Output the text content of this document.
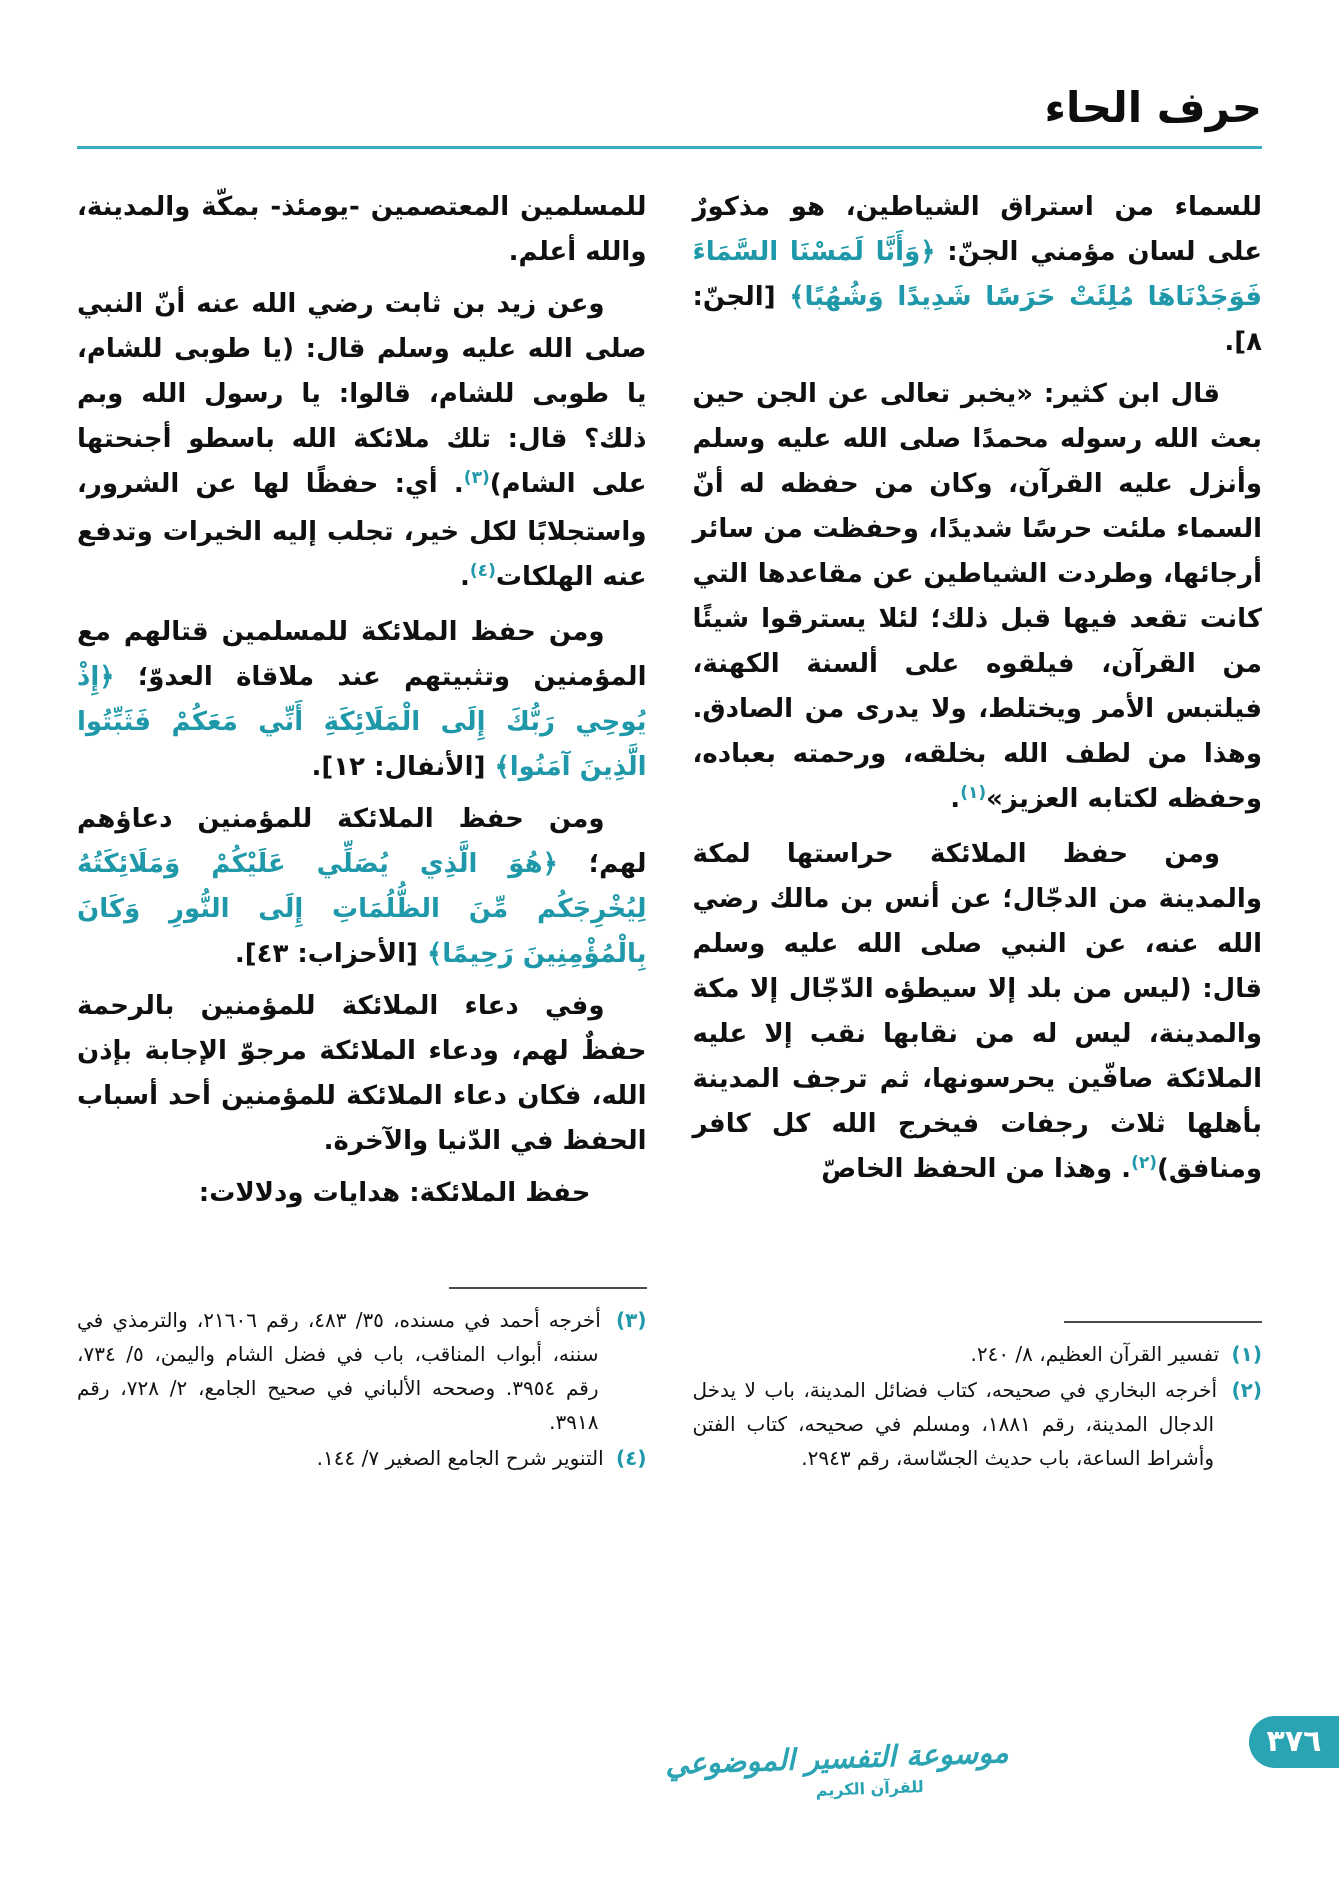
حرف الحاء
للسماء من استراق الشياطين، هو مذكورٌ على لسان مؤمني الجنّ: ﴿وَأَنَّا لَمَسْنَا السَّمَاءَ فَوَجَدْنَاهَا مُلِئَتْ حَرَسًا شَدِيدًا وَشُهُبًا﴾ [الجنّ: ٨].
قال ابن كثير: «يخبر تعالى عن الجن حين بعث الله رسوله محمدًا صلى الله عليه وسلم وأنزل عليه القرآن، وكان من حفظه له أنّ السماء ملئت حرسًا شديدًا، وحفظت من سائر أرجائها، وطردت الشياطين عن مقاعدها التي كانت تقعد فيها قبل ذلك؛ لئلا يسترقوا شيئًا من القرآن، فيلقوه على ألسنة الكهنة، فيلتبس الأمر ويختلط، ولا يدرى من الصادق. وهذا من لطف الله بخلقه، ورحمته بعباده، وحفظه لكتابه العزيز»$^{(١)}$.
ومن حفظ الملائكة حراستها لمكة والمدينة من الدجّال؛ عن أنس بن مالك رضي الله عنه، عن النبي صلى الله عليه وسلم قال: (ليس من بلد إلا سيطؤه الدّجّال إلا مكة والمدينة، ليس له من نقابها نقب إلا عليه الملائكة صافّين يحرسونها، ثم ترجف المدينة بأهلها ثلاث رجفات فيخرج الله كل كافر ومنافق)$^{(٢)}$. وهذا من الحفظ الخاصّ
(١) تفسير القرآن العظيم، ٨/ ٢٤٠.
(٢) أخرجه البخاري في صحيحه، كتاب فضائل المدينة، باب لا يدخل الدجال المدينة، رقم ١٨٨١، ومسلم في صحيحه، كتاب الفتن وأشراط الساعة، باب حديث الجسّاسة، رقم ٢٩٤٣.
للمسلمين المعتصمين -يومئذ- بمكّة والمدينة، والله أعلم.
وعن زيد بن ثابت رضي الله عنه أنّ النبي صلى الله عليه وسلم قال: (يا طوبى للشام، يا طوبى للشام، قالوا: يا رسول الله وبم ذلك؟ قال: تلك ملائكة الله باسطو أجنحتها على الشام)$^{(٣)}$. أي: حفظًا لها عن الشرور، واستجلابًا لكل خير، تجلب إليه الخيرات وتدفع عنه الهلكات$^{(٤)}$.
ومن حفظ الملائكة للمسلمين قتالهم مع المؤمنين وتثبيتهم عند ملاقاة العدوّ؛ ﴿إِذْ يُوحِي رَبُّكَ إِلَى الْمَلَائِكَةِ أَنِّي مَعَكُمْ فَثَبِّتُوا الَّذِينَ آمَنُوا﴾ [الأنفال: ١٢].
ومن حفظ الملائكة للمؤمنين دعاؤهم لهم؛ ﴿هُوَ الَّذِي يُصَلِّي عَلَيْكُمْ وَمَلَائِكَتُهُ لِيُخْرِجَكُم مِّنَ الظُّلُمَاتِ إِلَى النُّورِ وَكَانَ بِالْمُؤْمِنِينَ رَحِيمًا﴾ [الأحزاب: ٤٣].
وفي دعاء الملائكة للمؤمنين بالرحمة حفظٌ لهم، ودعاء الملائكة مرجوّ الإجابة بإذن الله، فكان دعاء الملائكة للمؤمنين أحد أسباب الحفظ في الدّنيا والآخرة.
حفظ الملائكة: هدايات ودلالات:
(٣) أخرجه أحمد في مسنده، ٣٥/ ٤٨٣، رقم ٢١٦٠٦، والترمذي في سننه، أبواب المناقب، باب في فضل الشام واليمن، ٥/ ٧٣٤، رقم ٣٩٥٤. وصححه الألباني في صحيح الجامع، ٢/ ٧٢٨، رقم ٣٩١٨.
(٤) التنوير شرح الجامع الصغير ٧/ ١٤٤.
موسوعة التفسير الموضوعي
للقرآن الكريم
٣٧٦
